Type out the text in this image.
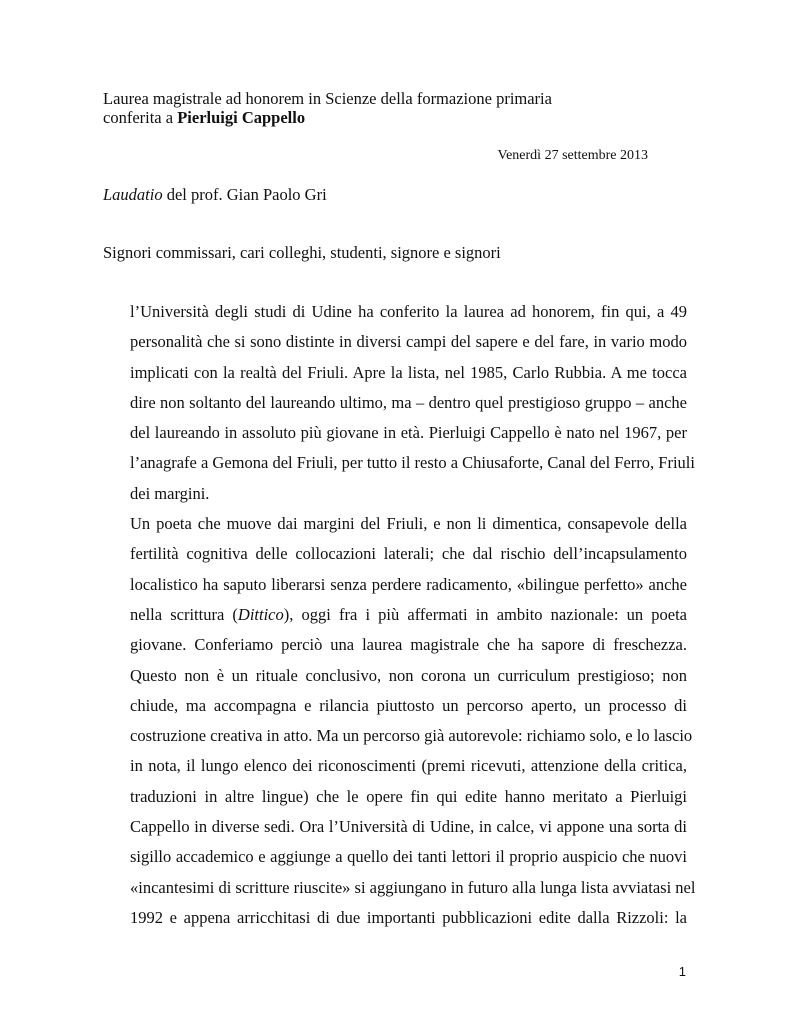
Laurea magistrale ad honorem in Scienze della formazione primaria
conferita a Pierluigi Cappello
Venerdì 27 settembre 2013
Laudatio del prof. Gian Paolo Gri
Signori commissari, cari colleghi, studenti, signore e signori
l’Università degli studi di Udine ha conferito la laurea ad honorem, fin qui, a 49
personalità che si sono distinte in diversi campi del sapere e del fare, in vario modo
implicati con la realtà del Friuli. Apre la lista, nel 1985, Carlo Rubbia. A me tocca
dire non soltanto del laureando ultimo, ma – dentro quel prestigioso gruppo – anche
del laureando in assoluto più giovane in età. Pierluigi Cappello è nato nel 1967, per
l’anagrafe a Gemona del Friuli, per tutto il resto a Chiusaforte, Canal del Ferro, Friuli
dei margini.
Un poeta che muove dai margini del Friuli, e non li dimentica, consapevole della
fertilità cognitiva delle collocazioni laterali; che dal rischio dell’incapsulamento
localistico ha saputo liberarsi senza perdere radicamento, «bilingue perfetto» anche
nella scrittura (Dittico), oggi fra i più affermati in ambito nazionale: un poeta
giovane. Conferiamo perciò una laurea magistrale che ha sapore di freschezza.
Questo non è un rituale conclusivo, non corona un curriculum prestigioso; non
chiude, ma accompagna e rilancia piuttosto un percorso aperto, un processo di
costruzione creativa in atto. Ma un percorso già autorevole: richiamo solo, e lo lascio
in nota, il lungo elenco dei riconoscimenti (premi ricevuti, attenzione della critica,
traduzioni in altre lingue) che le opere fin qui edite hanno meritato a Pierluigi
Cappello in diverse sedi. Ora l’Università di Udine, in calce, vi appone una sorta di
sigillo accademico e aggiunge a quello dei tanti lettori il proprio auspicio che nuovi
«incantesimi di scritture riuscite» si aggiungano in futuro alla lunga lista avviatasi nel
1992 e appena arricchitasi di due importanti pubblicazioni edite dalla Rizzoli: la
1
